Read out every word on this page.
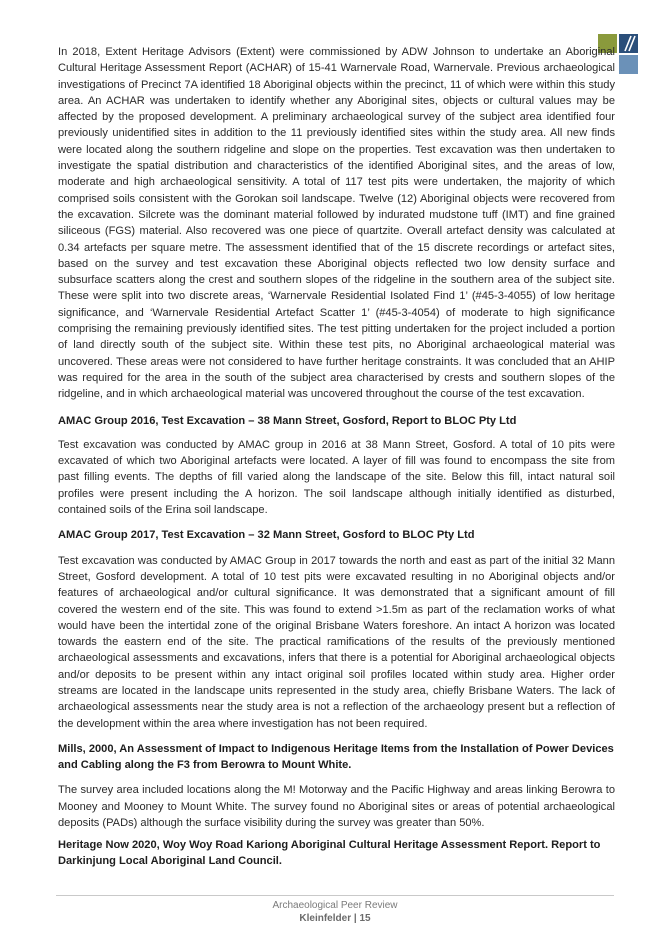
In 2018, Extent Heritage Advisors (Extent) were commissioned by ADW Johnson to undertake an Aboriginal Cultural Heritage Assessment Report (ACHAR) of 15-41 Warnervale Road, Warnervale. Previous archaeological investigations of Precinct 7A identified 18 Aboriginal objects within the precinct, 11 of which were within this study area. An ACHAR was undertaken to identify whether any Aboriginal sites, objects or cultural values may be affected by the proposed development. A preliminary archaeological survey of the subject area identified four previously unidentified sites in addition to the 11 previously identified sites within the study area. All new finds were located along the southern ridgeline and slope on the properties. Test excavation was then undertaken to investigate the spatial distribution and characteristics of the identified Aboriginal sites, and the areas of low, moderate and high archaeological sensitivity. A total of 117 test pits were undertaken, the majority of which comprised soils consistent with the Gorokan soil landscape. Twelve (12) Aboriginal objects were recovered from the excavation. Silcrete was the dominant material followed by indurated mudstone tuff (IMT) and fine grained siliceous (FGS) material. Also recovered was one piece of quartzite. Overall artefact density was calculated at 0.34 artefacts per square metre. The assessment identified that of the 15 discrete recordings or artefact sites, based on the survey and test excavation these Aboriginal objects reflected two low density surface and subsurface scatters along the crest and southern slopes of the ridgeline in the southern area of the subject site. These were split into two discrete areas, ‘Warnervale Residential Isolated Find 1’ (#45-3-4055) of low heritage significance, and ‘Warnervale Residential Artefact Scatter 1’ (#45-3-4054) of moderate to high significance comprising the remaining previously identified sites. The test pitting undertaken for the project included a portion of land directly south of the subject site. Within these test pits, no Aboriginal archaeological material was uncovered. These areas were not considered to have further heritage constraints. It was concluded that an AHIP was required for the area in the south of the subject area characterised by crests and southern slopes of the ridgeline, and in which archaeological material was uncovered throughout the course of the test excavation.

AMAC Group 2016, Test Excavation – 38 Mann Street, Gosford, Report to BLOC Pty Ltd

Test excavation was conducted by AMAC group in 2016 at 38 Mann Street, Gosford. A total of 10 pits were excavated of which two Aboriginal artefacts were located. A layer of fill was found to encompass the site from past filling events. The depths of fill varied along the landscape of the site. Below this fill, intact natural soil profiles were present including the A horizon. The soil landscape although initially identified as disturbed, contained soils of the Erina soil landscape.

AMAC Group 2017, Test Excavation – 32 Mann Street, Gosford to BLOC Pty Ltd

Test excavation was conducted by AMAC Group in 2017 towards the north and east as part of the initial 32 Mann Street, Gosford development. A total of 10 test pits were excavated resulting in no Aboriginal objects and/or features of archaeological and/or cultural significance. It was demonstrated that a significant amount of fill covered the western end of the site. This was found to extend >1.5m as part of the reclamation works of what would have been the intertidal zone of the original Brisbane Waters foreshore. An intact A horizon was located towards the eastern end of the site. The practical ramifications of the results of the previously mentioned archaeological assessments and excavations, infers that there is a potential for Aboriginal archaeological objects and/or deposits to be present within any intact original soil profiles located within study area. Higher order streams are located in the landscape units represented in the study area, chiefly Brisbane Waters. The lack of archaeological assessments near the study area is not a reflection of the archaeology present but a reflection of the development within the area where investigation has not been required.

Mills, 2000, An Assessment of Impact to Indigenous Heritage Items from the Installation of Power Devices and Cabling along the F3 from Berowra to Mount White.

The survey area included locations along the M! Motorway and the Pacific Highway and areas linking Berowra to Mooney and Mooney to Mount White. The survey found no Aboriginal sites or areas of potential archaeological deposits (PADs) although the surface visibility during the survey was greater than 50%.

Heritage Now 2020, Woy Woy Road Kariong Aboriginal Cultural Heritage Assessment Report. Report to Darkinjung Local Aboriginal Land Council.
Archaeological Peer Review
Kleinfelder | 15
